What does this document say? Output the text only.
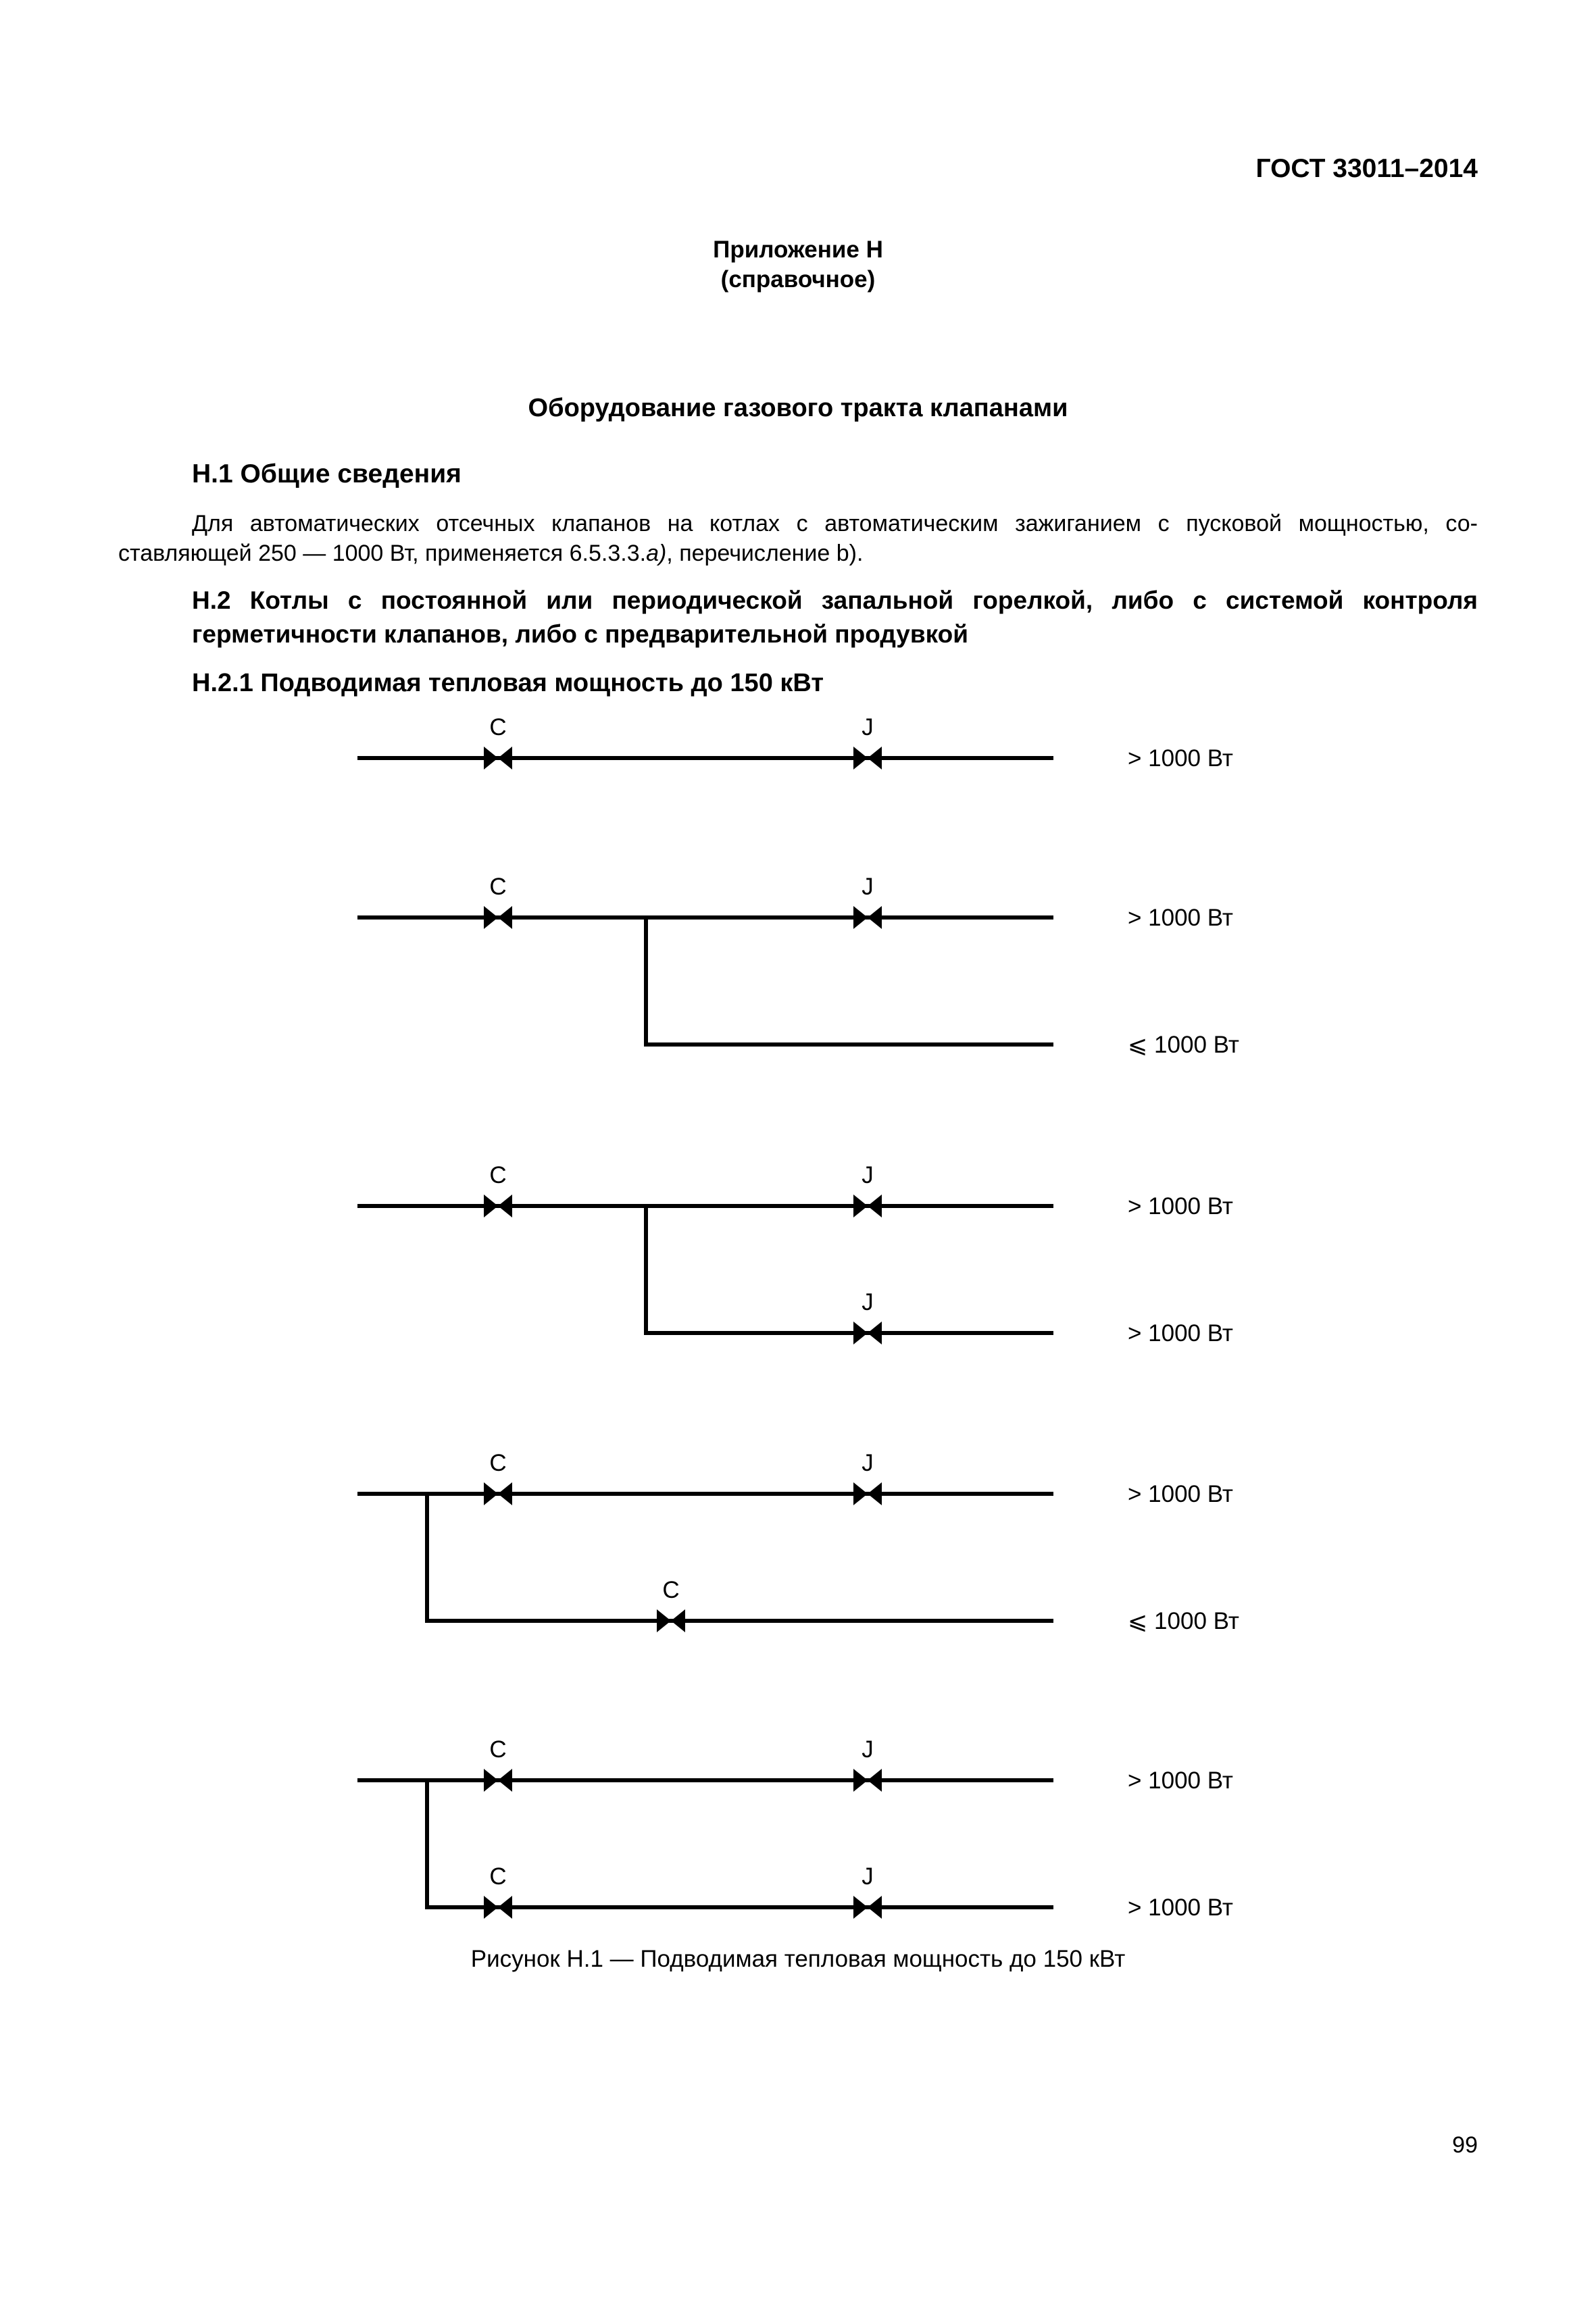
ГОСТ 33011–2014
Приложение Н
(справочное)
Оборудование газового тракта клапанами
Н.1 Общие сведения
Для автоматических отсечных клапанов на котлах с автоматическим зажиганием с пусковой мощностью, со-
ставляющей 250 — 1000 Вт, применяется 6.5.3.3.а), перечисление b).
Н.2 Котлы с постоянной или периодической запальной горелкой, либо с системой контроля
герметичности клапанов, либо с предварительной продувкой
Н.2.1 Подводимая тепловая мощность до 150 кВт
C	J
> 1000 Вт
C	J
> 1000 Вт
⩽ 1000 Вт
C	J
J
> 1000 Вт
> 1000 Вт
C	J
C
> 1000 Вт
⩽ 1000 Вт
C	J
C	J
> 1000 Вт
> 1000 Вт
Рисунок Н.1 — Подводимая тепловая мощность до 150 кВт
99
